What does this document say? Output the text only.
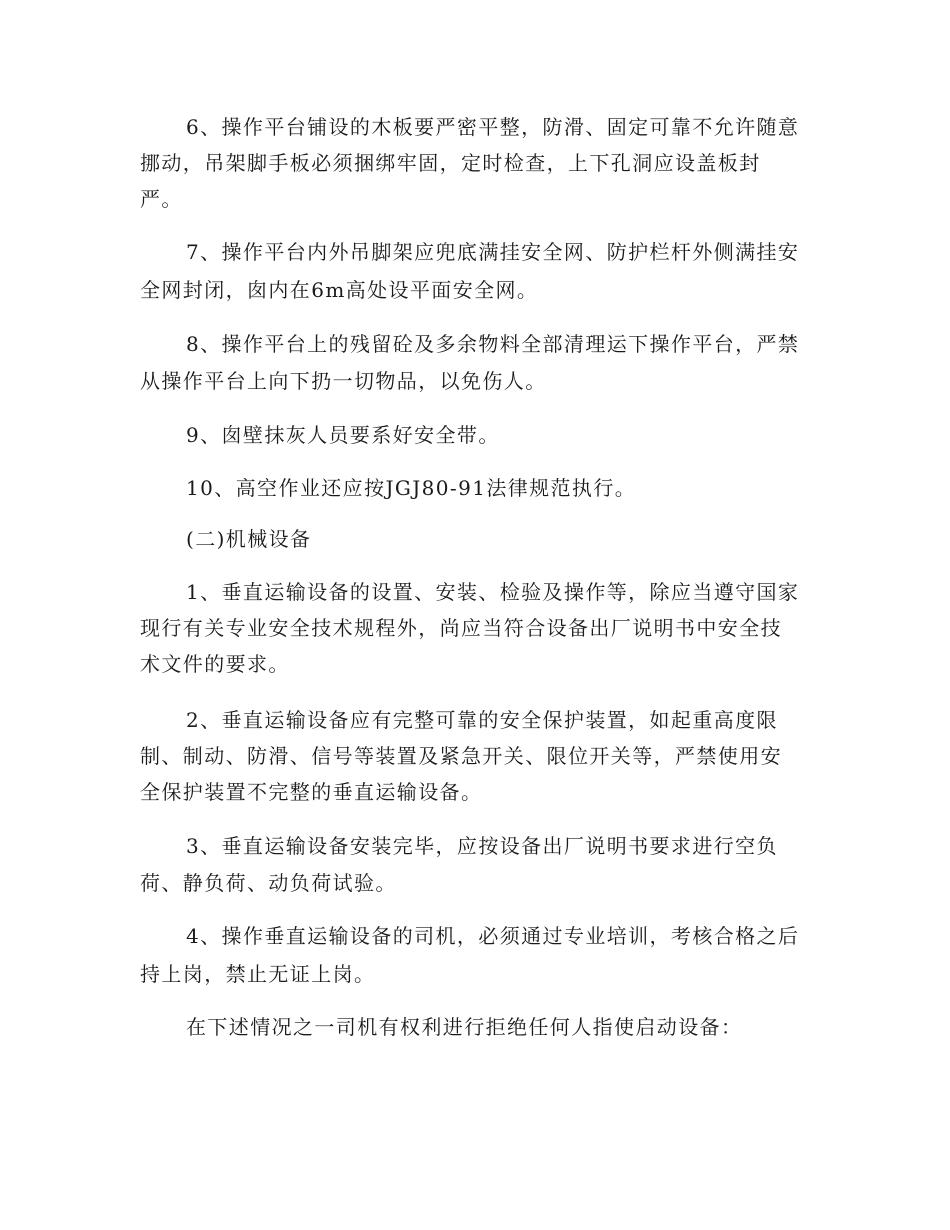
6、操作平台铺设的木板要严密平整，防滑、固定可靠不允许随意
挪动，吊架脚手板必须捆绑牢固，定时检查，上下孔洞应设盖板封
严。
7、操作平台内外吊脚架应兜底满挂安全网、防护栏杆外侧满挂安
全网封闭，囱内在6m高处设平面安全网。
8、操作平台上的残留砼及多余物料全部清理运下操作平台，严禁
从操作平台上向下扔一切物品，以免伤人。
9、囱壁抹灰人员要系好安全带。
10、高空作业还应按JGJ80-91法律规范执行。
(二)机械设备
1、垂直运输设备的设置、安装、检验及操作等，除应当遵守国家
现行有关专业安全技术规程外，尚应当符合设备出厂说明书中安全技
术文件的要求。
2、垂直运输设备应有完整可靠的安全保护装置，如起重高度限
制、制动、防滑、信号等装置及紧急开关、限位开关等，严禁使用安
全保护装置不完整的垂直运输设备。
3、垂直运输设备安装完毕，应按设备出厂说明书要求进行空负
荷、静负荷、动负荷试验。
4、操作垂直运输设备的司机，必须通过专业培训，考核合格之后
持上岗，禁止无证上岗。
在下述情况之一司机有权利进行拒绝任何人指使启动设备：
